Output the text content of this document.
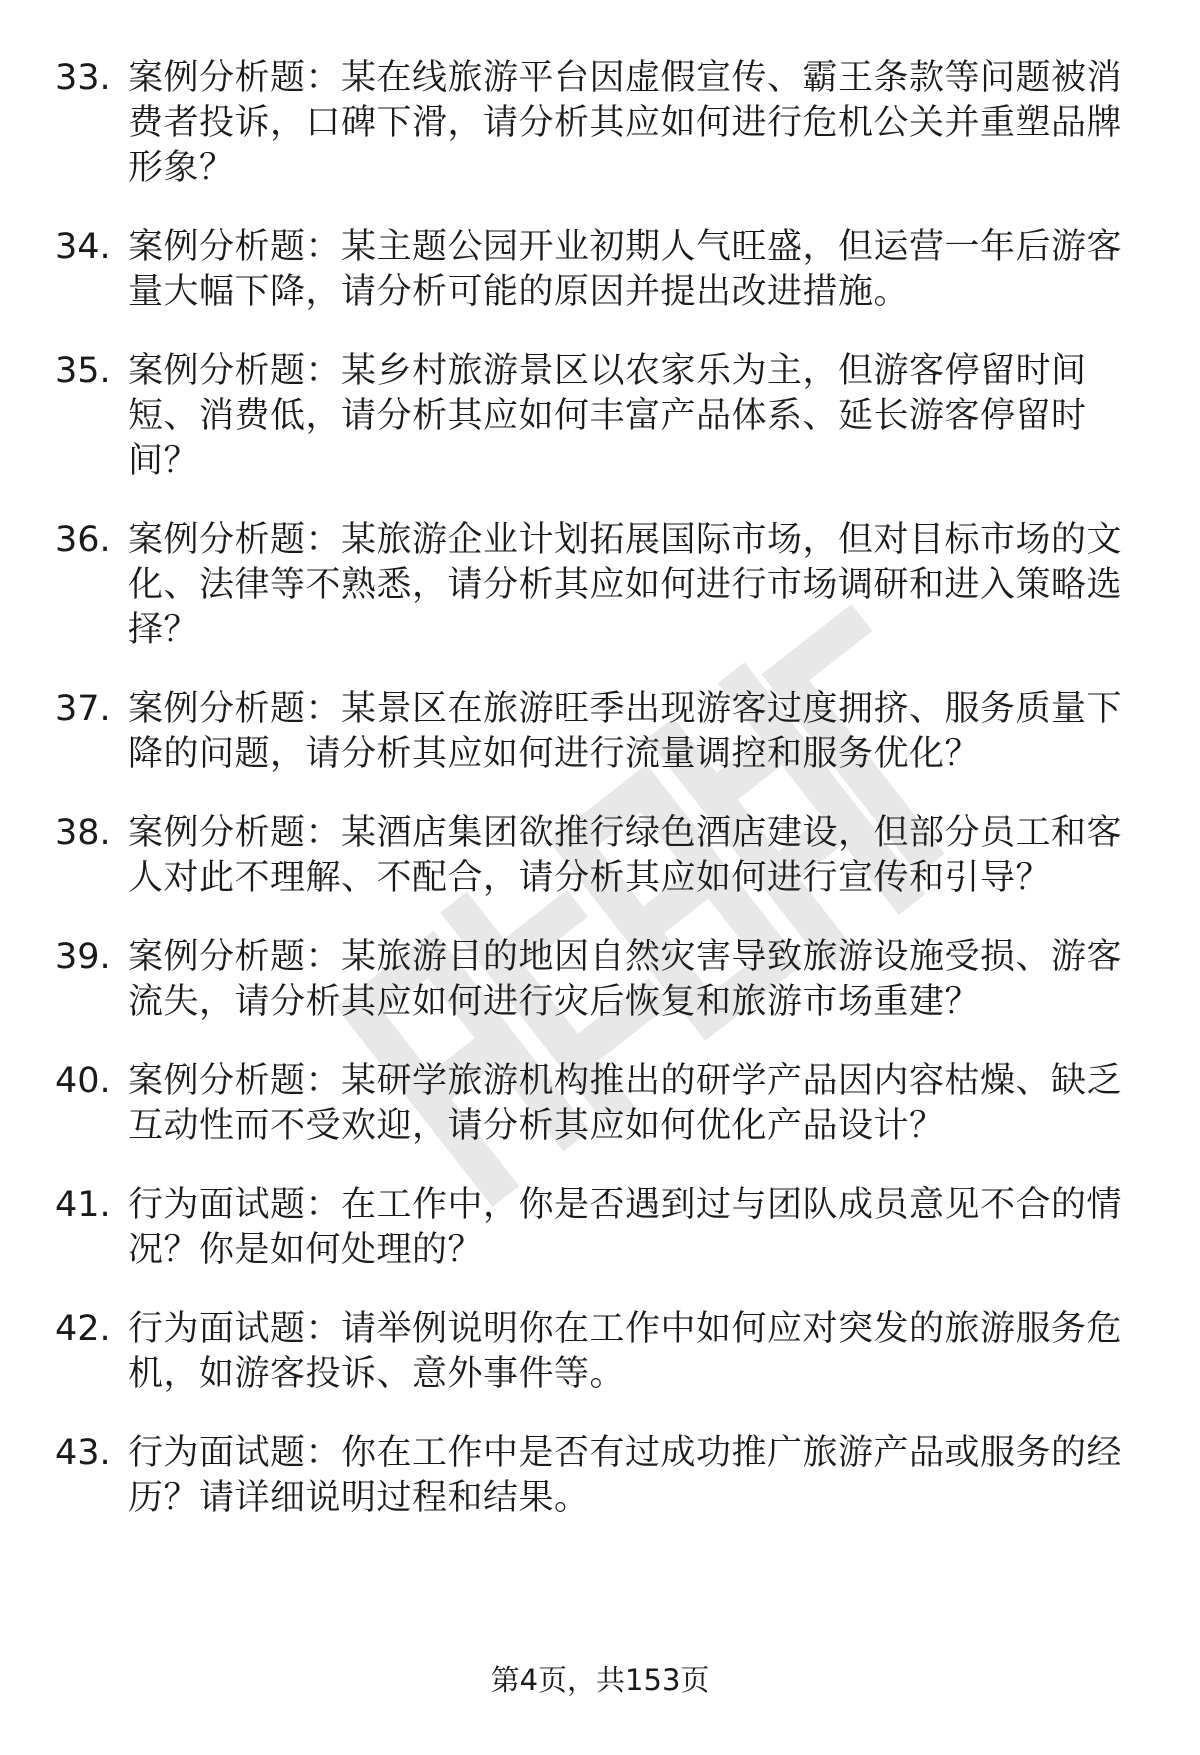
33. 案例分析题：某在线旅游平台因虚假宣传、霸王条款等问题被消费者投诉，口碑下滑，请分析其应如何进行危机公关并重塑品牌形象？
34. 案例分析题：某主题公园开业初期人气旺盛，但运营一年后游客量大幅下降，请分析可能的原因并提出改进措施。
35. 案例分析题：某乡村旅游景区以农家乐为主，但游客停留时间短、消费低，请分析其应如何丰富产品体系、延长游客停留时间？
36. 案例分析题：某旅游企业计划拓展国际市场，但对目标市场的文化、法律等不熟悉，请分析其应如何进行市场调研和进入策略选择？
37. 案例分析题：某景区在旅游旺季出现游客过度拥挤、服务质量下降的问题，请分析其应如何进行流量调控和服务优化？
38. 案例分析题：某酒店集团欲推行绿色酒店建设，但部分员工和客人对此不理解、不配合，请分析其应如何进行宣传和引导？
39. 案例分析题：某旅游目的地因自然灾害导致旅游设施受损、游客流失，请分析其应如何进行灾后恢复和旅游市场重建？
40. 案例分析题：某研学旅游机构推出的研学产品因内容枯燥、缺乏互动性而不受欢迎，请分析其应如何优化产品设计？
41. 行为面试题：在工作中，你是否遇到过与团队成员意见不合的情况？你是如何处理的？
42. 行为面试题：请举例说明你在工作中如何应对突发的旅游服务危机，如游客投诉、意外事件等。
43. 行为面试题：你在工作中是否有过成功推广旅游产品或服务的经历？请详细说明过程和结果。
第4页，共153页
